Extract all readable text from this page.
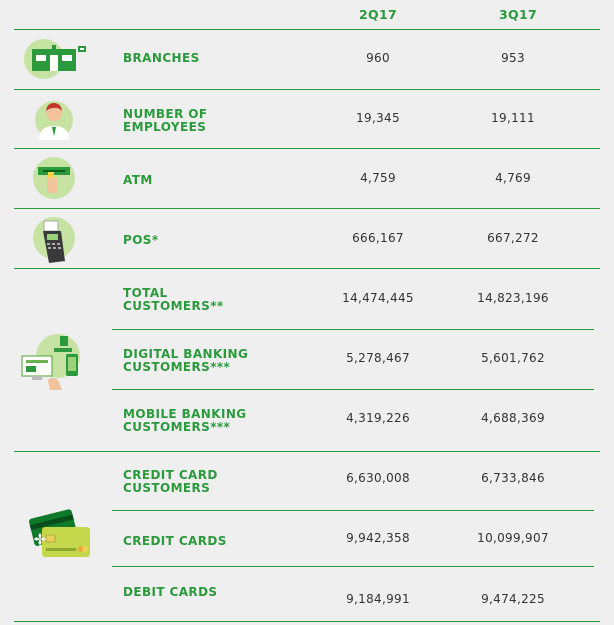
2Q17	3Q17
BRANCHES	960	953
NUMBER OF
EMPLOYEES
19,345	19,111
ATM	4,759	4,769
POS*	666,167	667,272
TOTAL
CUSTOMERS**
14,474,445	14,823,196
DIGITAL BANKING
CUSTOMERS***
5,278,467	5,601,762
MOBILE BANKING
CUSTOMERS***
4,319,226	4,688,369
CREDIT CARD
CUSTOMERS
6,630,008	6,733,846
CREDIT CARDS	9,942,358	10,099,907
DEBIT CARDS	9,184,991	9,474,225
